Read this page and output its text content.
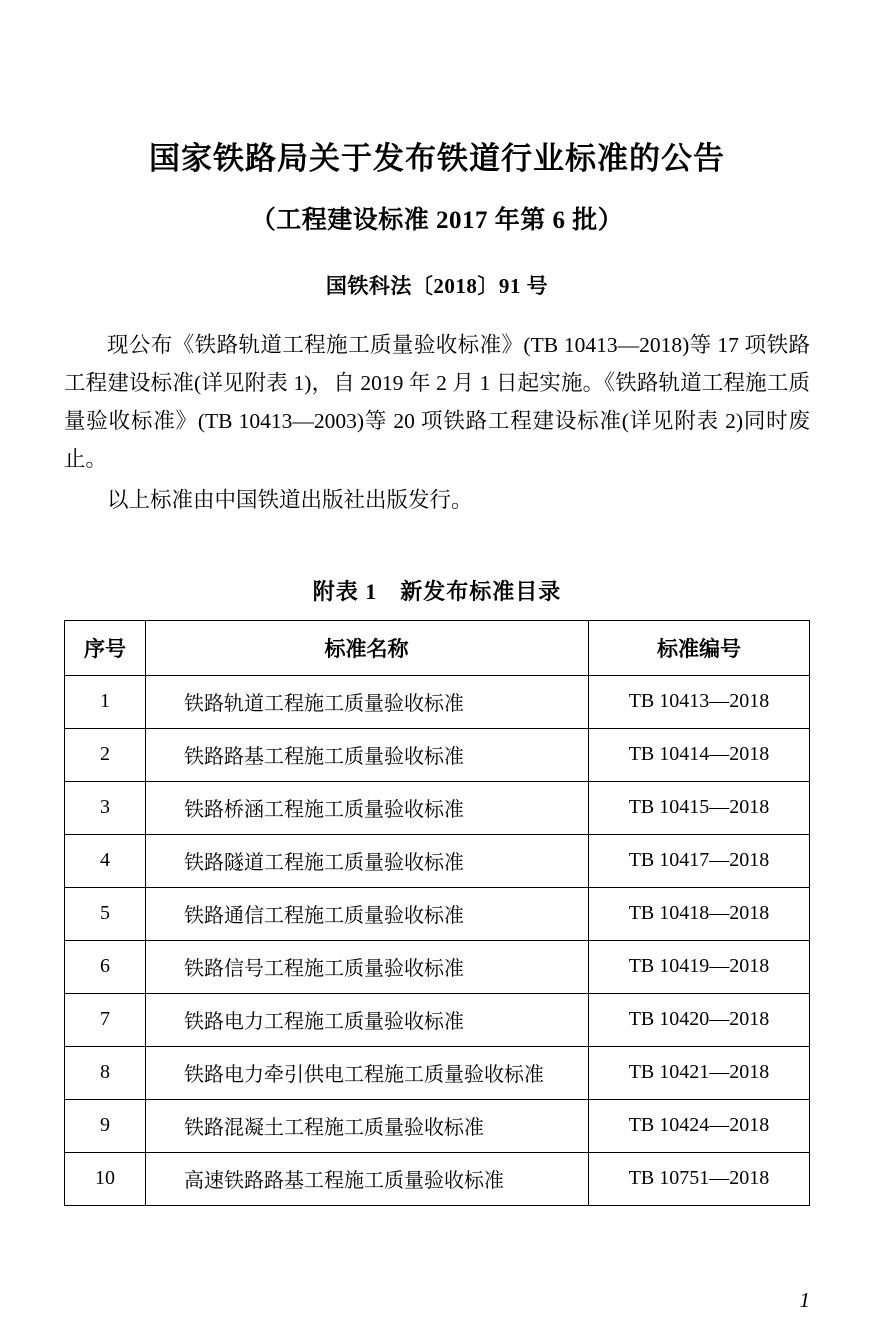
国家铁路局关于发布铁道行业标准的公告
（工程建设标准 2017 年第 6 批）
国铁科法〔2018〕91 号

现公布《铁路轨道工程施工质量验收标准》(TB 10413—2018)等 17 项铁路工程建设标准(详见附表 1)，自 2019 年 2 月 1 日起实施。《铁路轨道工程施工质量验收标准》(TB 10413—2003)等 20 项铁路工程建设标准(详见附表 2)同时废止。

以上标准由中国铁道出版社出版发行。

附表 1　新发布标准目录
序号	标准名称	标准编号
1	铁路轨道工程施工质量验收标准	TB 10413—2018
2	铁路路基工程施工质量验收标准	TB 10414—2018
3	铁路桥涵工程施工质量验收标准	TB 10415—2018
4	铁路隧道工程施工质量验收标准	TB 10417—2018
5	铁路通信工程施工质量验收标准	TB 10418—2018
6	铁路信号工程施工质量验收标准	TB 10419—2018
7	铁路电力工程施工质量验收标准	TB 10420—2018
8	铁路电力牵引供电工程施工质量验收标准	TB 10421—2018
9	铁路混凝土工程施工质量验收标准	TB 10424—2018
10	高速铁路路基工程施工质量验收标准	TB 10751—2018
1
